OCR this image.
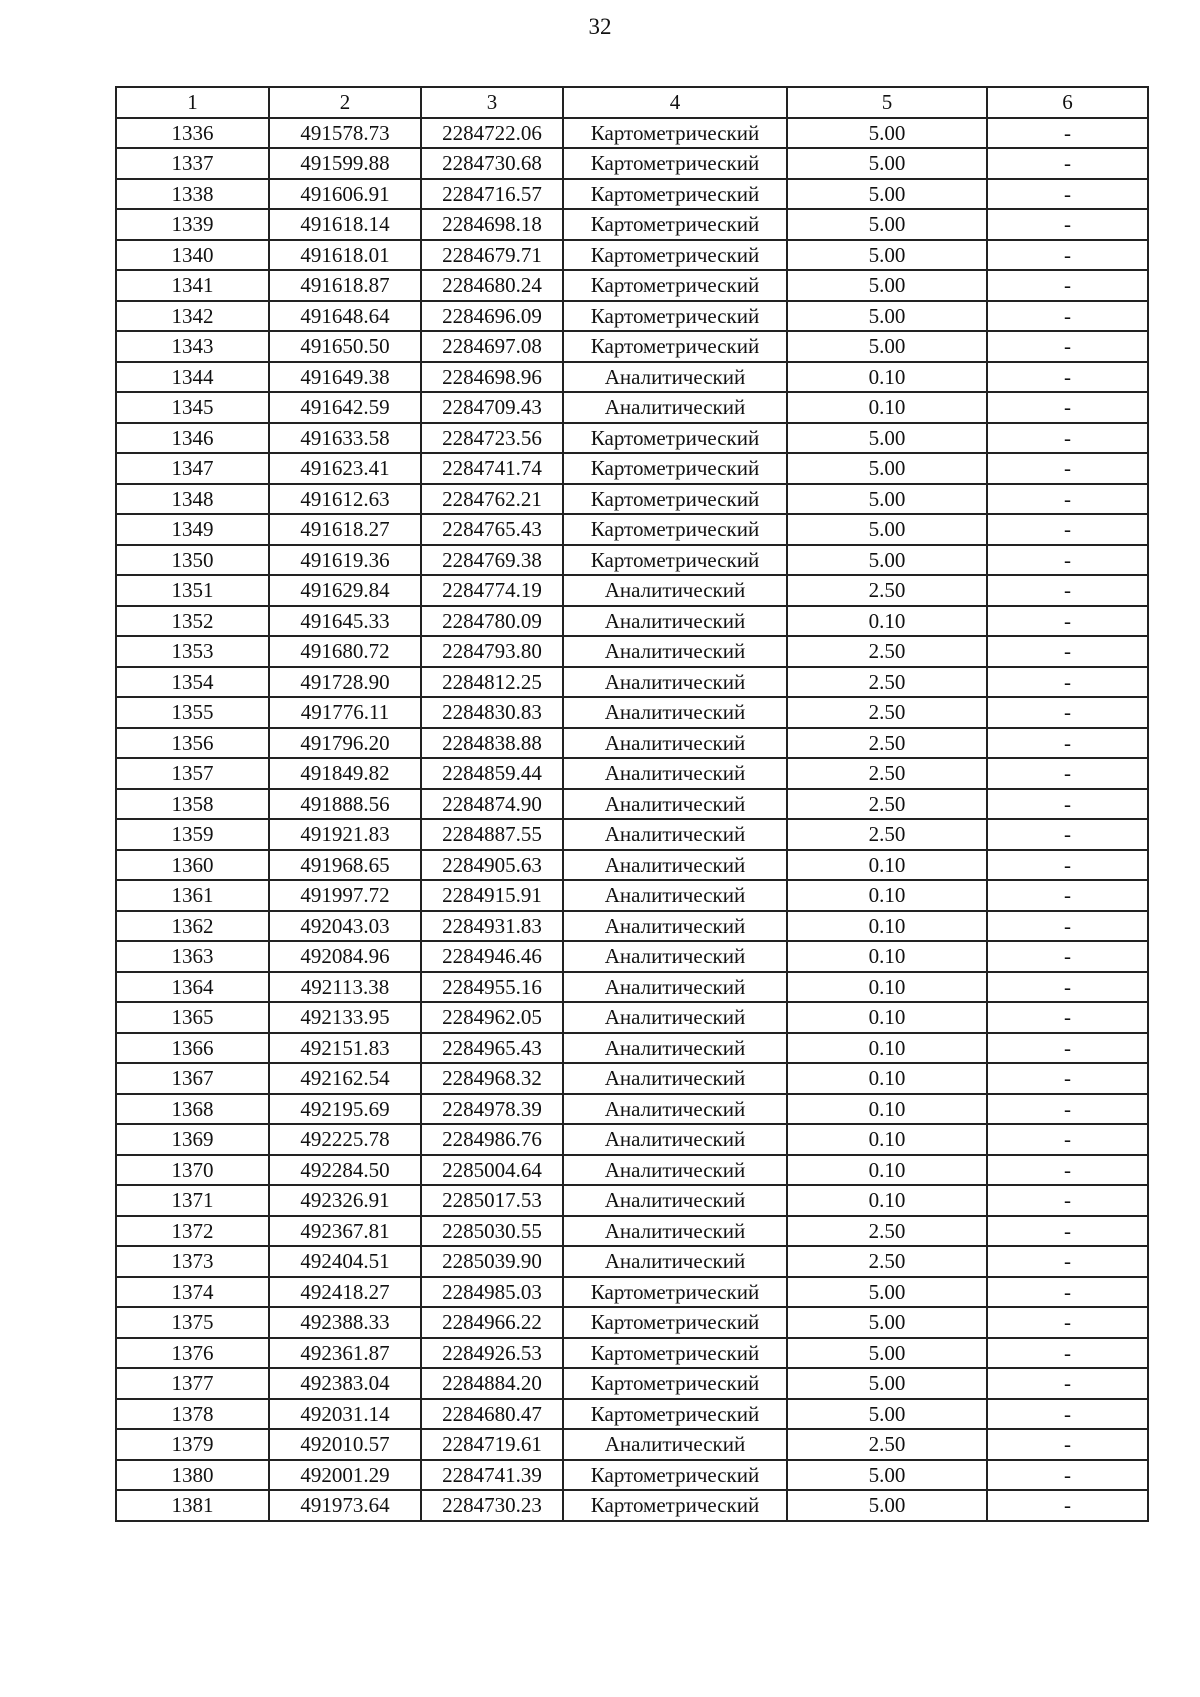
32
1	2	3	4	5	6
1336	491578.73	2284722.06	Картометрический	5.00	-
1337	491599.88	2284730.68	Картометрический	5.00	-
1338	491606.91	2284716.57	Картометрический	5.00	-
1339	491618.14	2284698.18	Картометрический	5.00	-
1340	491618.01	2284679.71	Картометрический	5.00	-
1341	491618.87	2284680.24	Картометрический	5.00	-
1342	491648.64	2284696.09	Картометрический	5.00	-
1343	491650.50	2284697.08	Картометрический	5.00	-
1344	491649.38	2284698.96	Аналитический	0.10	-
1345	491642.59	2284709.43	Аналитический	0.10	-
1346	491633.58	2284723.56	Картометрический	5.00	-
1347	491623.41	2284741.74	Картометрический	5.00	-
1348	491612.63	2284762.21	Картометрический	5.00	-
1349	491618.27	2284765.43	Картометрический	5.00	-
1350	491619.36	2284769.38	Картометрический	5.00	-
1351	491629.84	2284774.19	Аналитический	2.50	-
1352	491645.33	2284780.09	Аналитический	0.10	-
1353	491680.72	2284793.80	Аналитический	2.50	-
1354	491728.90	2284812.25	Аналитический	2.50	-
1355	491776.11	2284830.83	Аналитический	2.50	-
1356	491796.20	2284838.88	Аналитический	2.50	-
1357	491849.82	2284859.44	Аналитический	2.50	-
1358	491888.56	2284874.90	Аналитический	2.50	-
1359	491921.83	2284887.55	Аналитический	2.50	-
1360	491968.65	2284905.63	Аналитический	0.10	-
1361	491997.72	2284915.91	Аналитический	0.10	-
1362	492043.03	2284931.83	Аналитический	0.10	-
1363	492084.96	2284946.46	Аналитический	0.10	-
1364	492113.38	2284955.16	Аналитический	0.10	-
1365	492133.95	2284962.05	Аналитический	0.10	-
1366	492151.83	2284965.43	Аналитический	0.10	-
1367	492162.54	2284968.32	Аналитический	0.10	-
1368	492195.69	2284978.39	Аналитический	0.10	-
1369	492225.78	2284986.76	Аналитический	0.10	-
1370	492284.50	2285004.64	Аналитический	0.10	-
1371	492326.91	2285017.53	Аналитический	0.10	-
1372	492367.81	2285030.55	Аналитический	2.50	-
1373	492404.51	2285039.90	Аналитический	2.50	-
1374	492418.27	2284985.03	Картометрический	5.00	-
1375	492388.33	2284966.22	Картометрический	5.00	-
1376	492361.87	2284926.53	Картометрический	5.00	-
1377	492383.04	2284884.20	Картометрический	5.00	-
1378	492031.14	2284680.47	Картометрический	5.00	-
1379	492010.57	2284719.61	Аналитический	2.50	-
1380	492001.29	2284741.39	Картометрический	5.00	-
1381	491973.64	2284730.23	Картометрический	5.00	-
